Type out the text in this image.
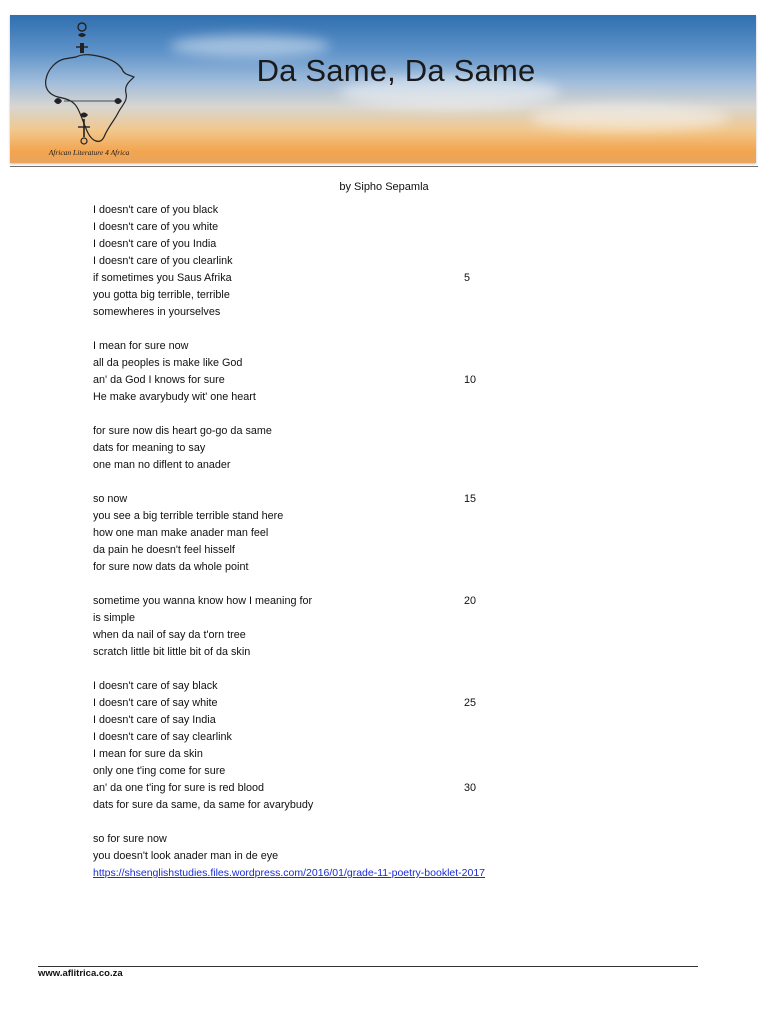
African Literature 4 Africa
Da Same, Da Same
by Sipho Sepamla
I doesn't care of you black
I doesn't care of you white
I doesn't care of you India
I doesn't care of you clearlink
if sometimes you Saus Afrika	5
you gotta big terrible, terrible
somewheres in yourselves
I mean for sure now
all da peoples is make like God
an' da God I knows for sure	10
He make avarybudy wit' one heart
for sure now dis heart go-go da same
dats for meaning to say
one man no diflent to anader
so now	15
you see a big terrible terrible stand here
how one man make anader man feel
da pain he doesn't feel hisself
for sure now dats da whole point
sometime you wanna know how I meaning for	20
is simple
when da nail of say da t'orn tree
scratch little bit little bit of da skin
I doesn't care of say black
I doesn't care of say white	25
I doesn't care of say India
I doesn't care of say clearlink
I mean for sure da skin
only one t'ing come for sure
an' da one t'ing for sure is red blood	30
dats for sure da same, da same for avarybudy
so for sure now
you doesn't look anader man in de eye
https://shsenglishstudies.files.wordpress.com/2016/01/grade-11-poetry-booklet-2017
www.aflitrica.co.za
